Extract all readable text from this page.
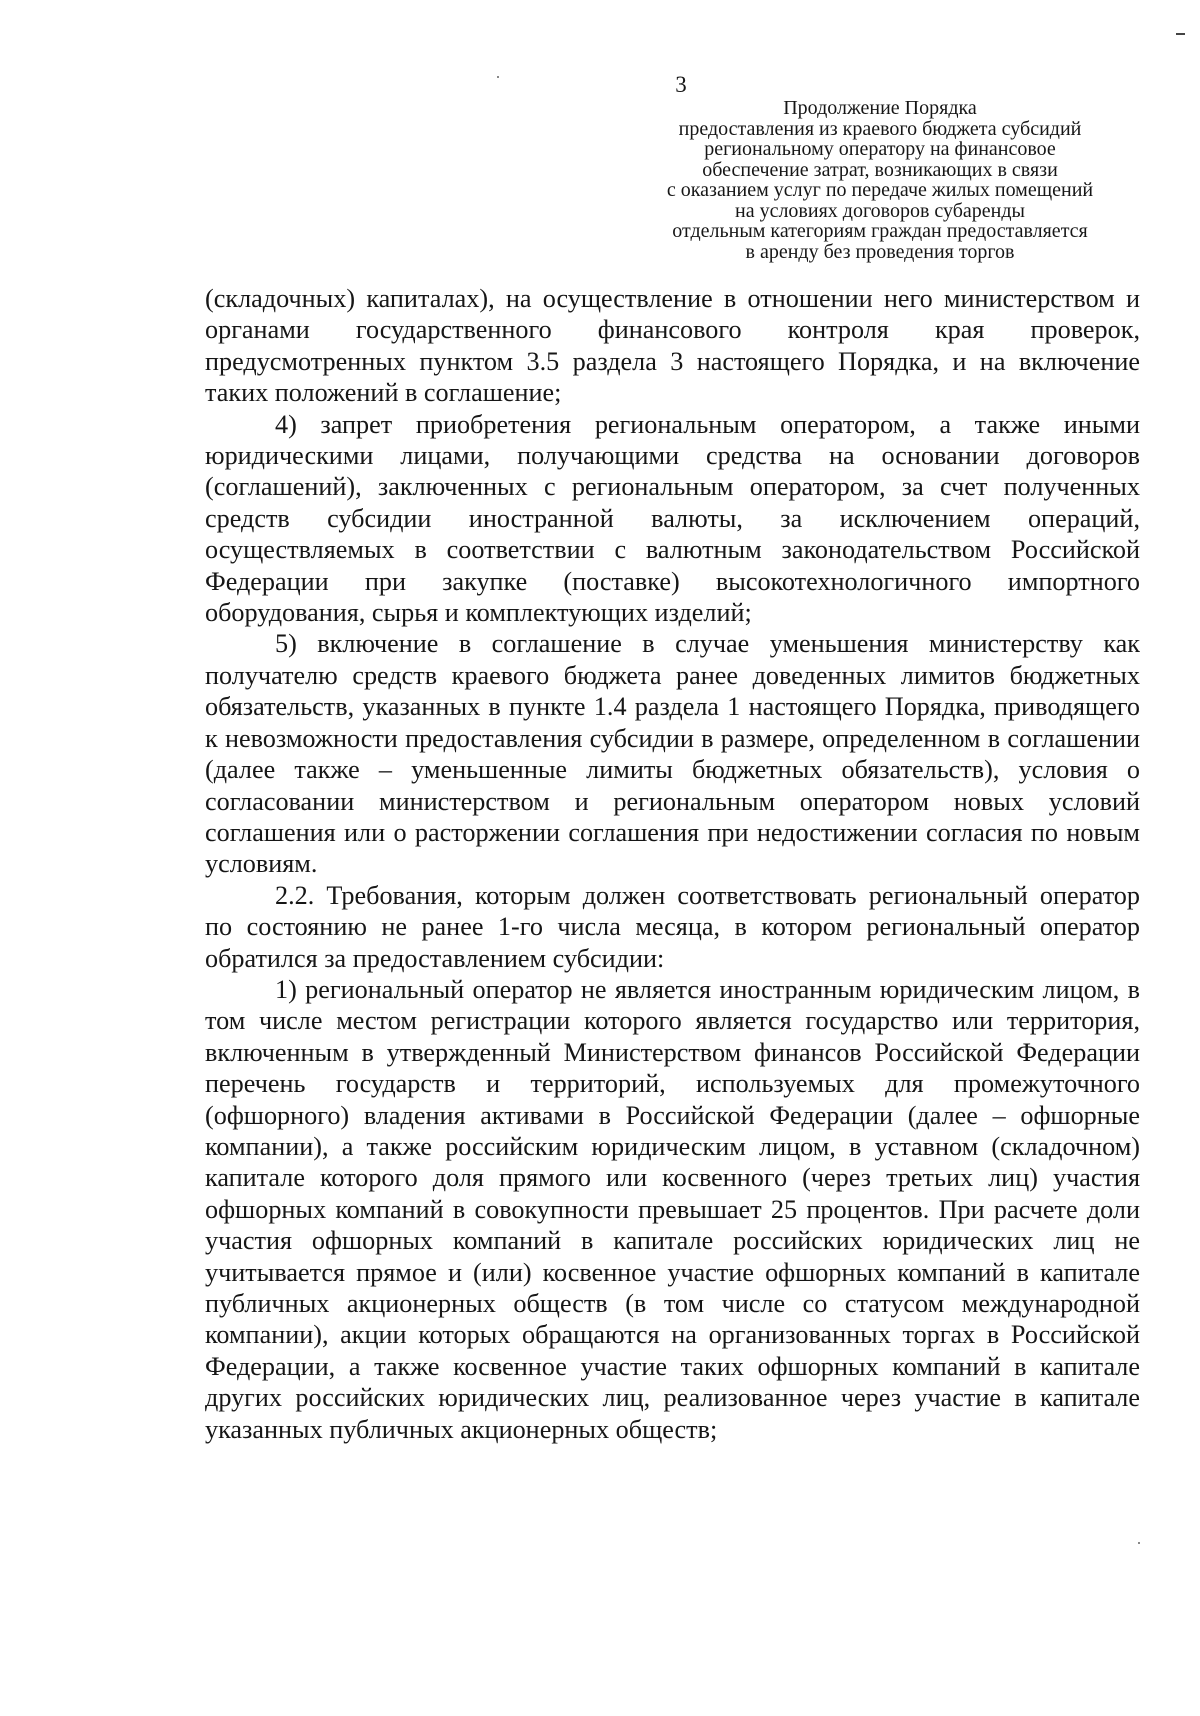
3
Продолжение Порядка
предоставления из краевого бюджета субсидий
региональному оператору на финансовое
обеспечение затрат, возникающих в связи
с оказанием услуг по передаче жилых помещений
на условиях договоров субаренды
отдельным категориям граждан предоставляется
в аренду без проведения торгов

(складочных) капиталах), на осуществление в отношении него министерством и органами государственного финансового контроля края проверок, предусмотренных пунктом 3.5 раздела 3 настоящего Порядка, и на включение таких положений в соглашение;

4) запрет приобретения региональным оператором, а также иными юридическими лицами, получающими средства на основании договоров (соглашений), заключенных с региональным оператором, за счет полученных средств субсидии иностранной валюты, за исключением операций, осуществляемых в соответствии с валютным законодательством Российской Федерации при закупке (поставке) высокотехнологичного импортного оборудования, сырья и комплектующих изделий;

5) включение в соглашение в случае уменьшения министерству как получателю средств краевого бюджета ранее доведенных лимитов бюджетных обязательств, указанных в пункте 1.4 раздела 1 настоящего Порядка, приводящего к невозможности предоставления субсидии в размере, определенном в соглашении (далее также – уменьшенные лимиты бюджетных обязательств), условия о согласовании министерством и региональным оператором новых условий соглашения или о расторжении соглашения при недостижении согласия по новым условиям.

2.2. Требования, которым должен соответствовать региональный оператор по состоянию не ранее 1-го числа месяца, в котором региональный оператор обратился за предоставлением субсидии:

1) региональный оператор не является иностранным юридическим лицом, в том числе местом регистрации которого является государство или территория, включенным в утвержденный Министерством финансов Российской Федерации перечень государств и территорий, используемых для промежуточного (офшорного) владения активами в Российской Федерации (далее – офшорные компании), а также российским юридическим лицом, в уставном (складочном) капитале которого доля прямого или косвенного (через третьих лиц) участия офшорных компаний в совокупности превышает 25 процентов. При расчете доли участия офшорных компаний в капитале российских юридических лиц не учитывается прямое и (или) косвенное участие офшорных компаний в капитале публичных акционерных обществ (в том числе со статусом международной компании), акции которых обращаются на организованных торгах в Российской Федерации, а также косвенное участие таких офшорных компаний в капитале других российских юридических лиц, реализованное через участие в капитале указанных публичных акционерных обществ;
